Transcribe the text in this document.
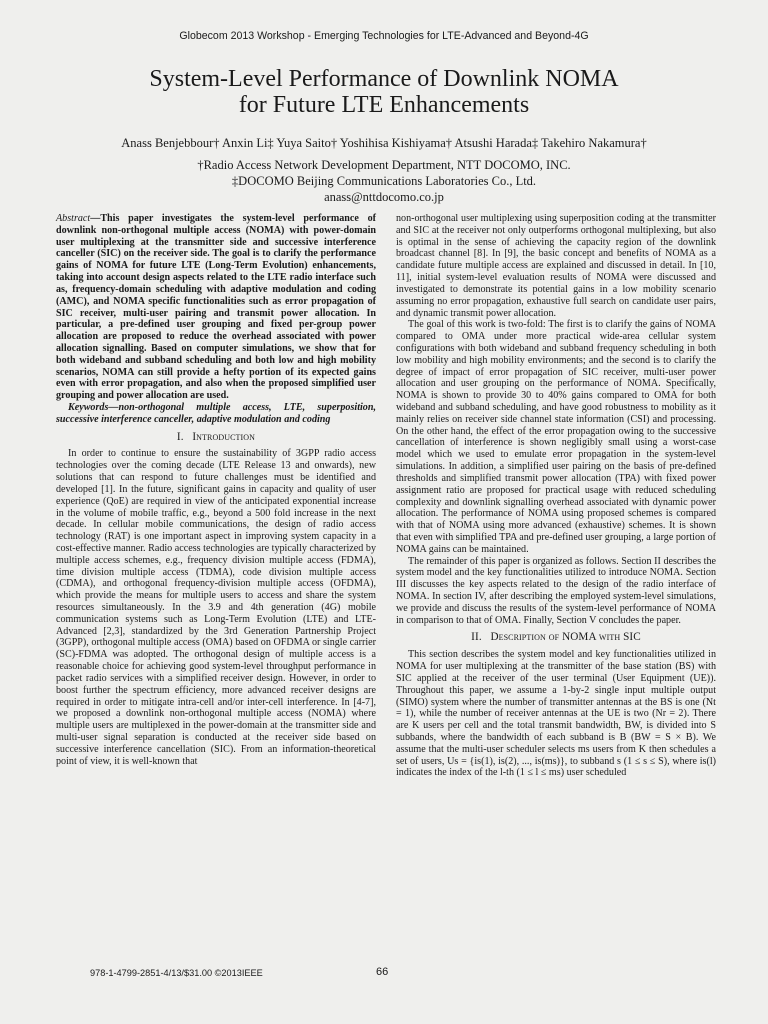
Globecom 2013 Workshop - Emerging Technologies for LTE-Advanced and Beyond-4G
System-Level Performance of Downlink NOMA
for Future LTE Enhancements
Anass Benjebbour† Anxin Li‡ Yuya Saito† Yoshihisa Kishiyama† Atsushi Harada‡ Takehiro Nakamura†
†Radio Access Network Development Department, NTT DOCOMO, INC.
‡DOCOMO Beijing Communications Laboratories Co., Ltd.
anass@nttdocomo.co.jp

Abstract—This paper investigates the system-level performance of downlink non-orthogonal multiple access (NOMA) with power-domain user multiplexing at the transmitter side and successive interference canceller (SIC) on the receiver side. The goal is to clarify the performance gains of NOMA for future LTE (Long-Term Evolution) enhancements, taking into account design aspects related to the LTE radio interface such as, frequency-domain scheduling with adaptive modulation and coding (AMC), and NOMA specific functionalities such as error propagation of SIC receiver, multi-user pairing and transmit power allocation. In particular, a pre-defined user grouping and fixed per-group power allocation are proposed to reduce the overhead associated with power allocation signalling. Based on computer simulations, we show that for both wideband and subband scheduling and both low and high mobility scenarios, NOMA can still provide a hefty portion of its expected gains even with error propagation, and also when the proposed simplified user grouping and power allocation are used.

Keywords—non-orthogonal multiple access, LTE, superposition, successive interference canceller, adaptive modulation and coding

I. Introduction

In order to continue to ensure the sustainability of 3GPP radio access technologies over the coming decade (LTE Release 13 and onwards), new solutions that can respond to future challenges must be identified and developed [1]. In the future, significant gains in capacity and quality of user experience (QoE) are required in view of the anticipated exponential increase in the volume of mobile traffic, e.g., beyond a 500 fold increase in the next decade. In cellular mobile communications, the design of radio access technology (RAT) is one important aspect in improving system capacity in a cost-effective manner. Radio access technologies are typically characterized by multiple access schemes, e.g., frequency division multiple access (FDMA), time division multiple access (TDMA), code division multiple access (CDMA), and orthogonal frequency-division multiple access (OFDMA), which provide the means for multiple users to access and share the system resources simultaneously. In the 3.9 and 4th generation (4G) mobile communication systems such as Long-Term Evolution (LTE) and LTE-Advanced [2,3], standardized by the 3rd Generation Partnership Project (3GPP), orthogonal multiple access (OMA) based on OFDMA or single carrier (SC)-FDMA was adopted. The orthogonal design of multiple access is a reasonable choice for achieving good system-level throughput performance in packet radio services with a simplified receiver design. However, in order to boost further the spectrum efficiency, more advanced receiver designs are required in order to mitigate intra-cell and/or inter-cell interference. In [4-7], we proposed a downlink non-orthogonal multiple access (NOMA) where multiple users are multiplexed in the power-domain at the transmitter side and multi-user signal separation is conducted at the receiver side based on successive interference cancellation (SIC). From an information-theoretical point of view, it is well-known that

non-orthogonal user multiplexing using superposition coding at the transmitter and SIC at the receiver not only outperforms orthogonal multiplexing, but also is optimal in the sense of achieving the capacity region of the downlink broadcast channel [8]. In [9], the basic concept and benefits of NOMA as a candidate future multiple access are explained and discussed in detail. In [10, 11], initial system-level evaluation results of NOMA were discussed and investigated to demonstrate its potential gains in a low mobility scenario assuming no error propagation, exhaustive full search on candidate user pairs, and dynamic transmit power allocation.

The goal of this work is two-fold: The first is to clarify the gains of NOMA compared to OMA under more practical wide-area cellular system configurations with both wideband and subband frequency scheduling in both low mobility and high mobility environments; and the second is to clarify the degree of impact of error propagation of SIC receiver, multi-user power allocation and user grouping on the performance of NOMA. Specifically, NOMA is shown to provide 30 to 40% gains compared to OMA for both wideband and subband scheduling, and have good robustness to mobility as it mainly relies on receiver side channel state information (CSI) and processing. On the other hand, the effect of the error propagation owing to the successive cancellation of interference is shown negligibly small using a worst-case model which we used to emulate error propagation in the system-level simulations. In addition, a simplified user pairing on the basis of pre-defined thresholds and simplified transmit power allocation (TPA) with fixed power assignment ratio are proposed for practical usage with reduced scheduling complexity and downlink signalling overhead associated with dynamic power allocation. The performance of NOMA using proposed schemes is compared with that of NOMA using more advanced (exhaustive) schemes. It is shown that even with simplified TPA and pre-defined user grouping, a large portion of NOMA gains can be maintained.

The remainder of this paper is organized as follows. Section II describes the system model and the key functionalities utilized to introduce NOMA. Section III discusses the key aspects related to the design of the radio interface of NOMA. In section IV, after describing the employed system-level simulations, we provide and discuss the results of the system-level performance of NOMA in comparison to that of OMA. Finally, Section V concludes the paper.

II. Description of NOMA with SIC

This section describes the system model and key functionalities utilized in NOMA for user multiplexing at the transmitter of the base station (BS) with SIC applied at the receiver of the user terminal (User Equipment (UE)). Throughout this paper, we assume a 1-by-2 single input multiple output (SIMO) system where the number of transmitter antennas at the BS is one (Nt = 1), while the number of receiver antennas at the UE is two (Nr = 2). There are K users per cell and the total transmit bandwidth, BW, is divided into S subbands, where the bandwidth of each subband is B (BW = S × B). We assume that the multi-user scheduler selects ms users from K then schedules a set of users, Us = {is(1), is(2), ..., is(ms)}, to subband s (1 ≤ s ≤ S), where is(l) indicates the index of the l-th (1 ≤ l ≤ ms) user scheduled

978-1-4799-2851-4/13/$31.00 ©2013IEEE	66
